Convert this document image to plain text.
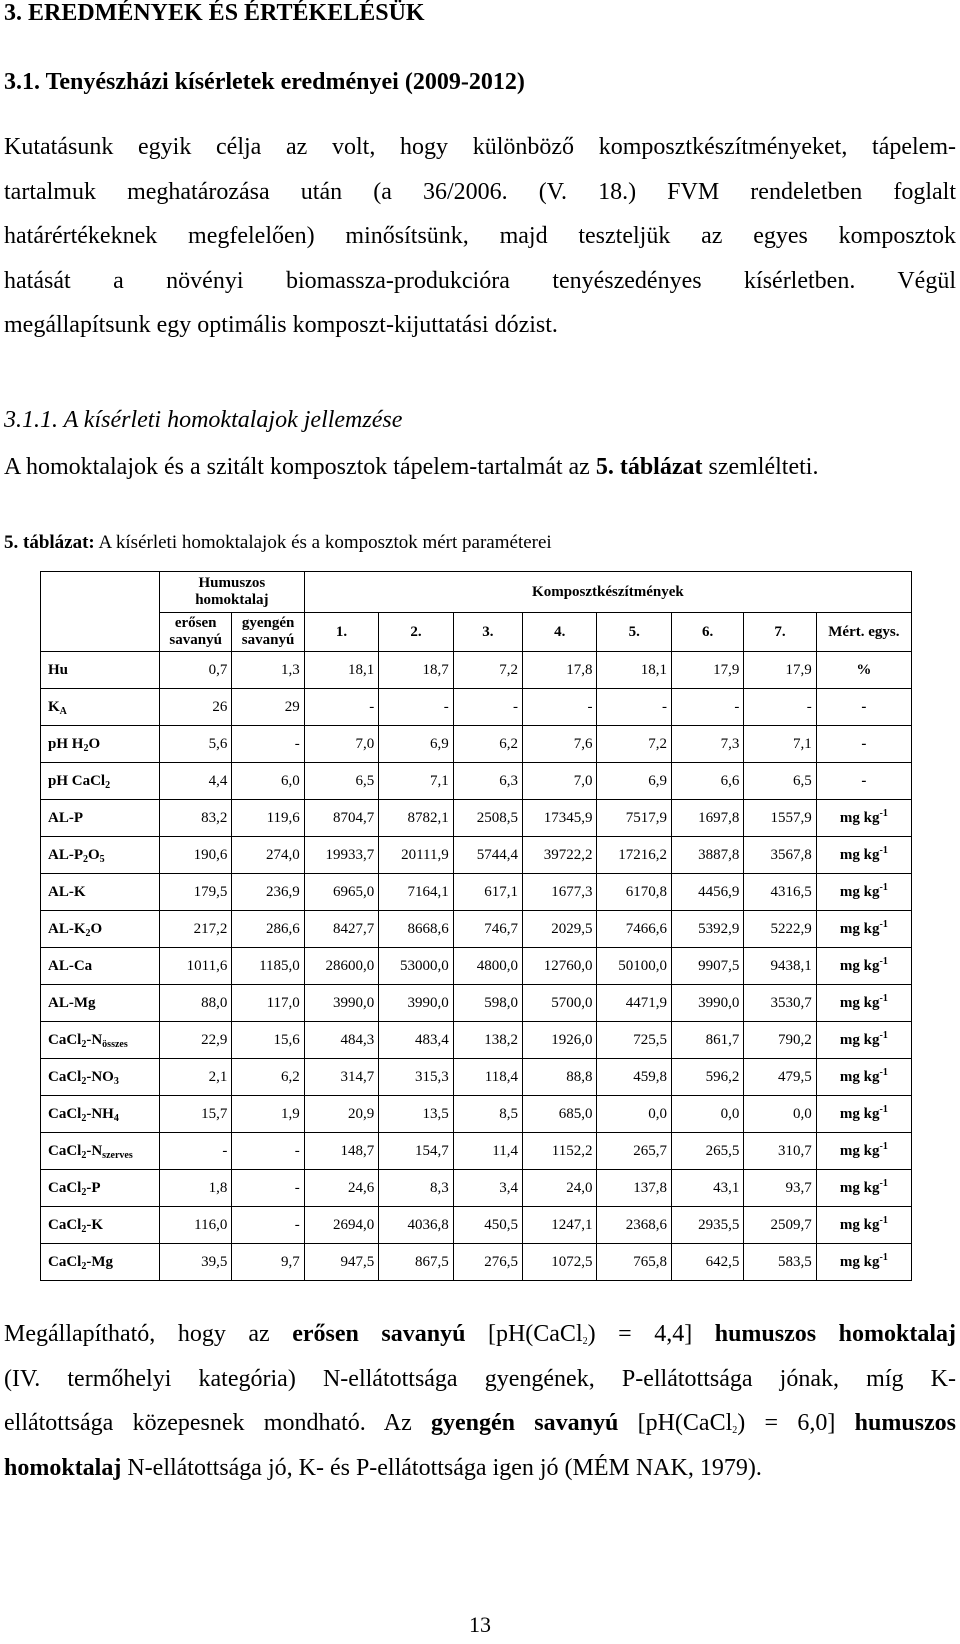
3. EREDMÉNYEK ÉS ÉRTÉKELÉSÜK
3.1. Tenyészházi kísérletek eredményei (2009-2012)
Kutatásunk egyik célja az volt, hogy különböző komposztkészítményeket, tápelem-
tartalmuk meghatározása után (a 36/2006. (V. 18.) FVM rendeletben foglalt
határértékeknek megfelelően) minősítsünk, majd teszteljük az egyes komposztok
hatását a növényi biomassza-produkcióra tenyészedényes kísérletben. Végül
megállapítsunk egy optimális komposzt-kijuttatási dózist.
3.1.1. A kísérleti homoktalajok jellemzése
A homoktalajok és a szitált komposztok tápelem-tartalmát az 5. táblázat szemlélteti.
5. táblázat: A kísérleti homoktalajok és a komposztok mért paraméterei
	Humuszos homoktalaj		Komposztkészítmények							
	erősen savanyú	gyengén savanyú	1.	2.	3.	4.	5.	6.	7.	Mért. egys.
Hu	0,7	1,3	18,1	18,7	7,2	17,8	18,1	17,9	17,9	%
$K_A$	26	29	-	-	-	-	-	-	-	-
pH $H_2O$	5,6	-	7,0	6,9	6,2	7,6	7,2	7,3	7,1	-
pH CaCl$_2$	4,4	6,0	6,5	7,1	6,3	7,0	6,9	6,6	6,5	-
AL-P	83,2	119,6	8704,7	8782,1	2508,5	17345,9	7517,9	1697,8	1557,9	mg $kg^{-1}$
$AL-P_2O_5$	190,6	274,0	19933,7	20111,9	5744,4	39722,2	17216,2	3887,8	3567,8	mg $kg^{-1}$
AL-K	179,5	236,9	6965,0	7164,1	617,1	1677,3	6170,8	4456,9	4316,5	mg $kg^{-1}$
$AL-K_2O$	217,2	286,6	8427,7	8668,6	746,7	2029,5	7466,6	5392,9	5222,9	mg $kg^{-1}$
AL-Ca	1011,6	1185,0	28600,0	53000,0	4800,0	12760,0	50100,0	9907,5	9438,1	mg $kg^{-1}$
AL-Mg	88,0	117,0	3990,0	3990,0	598,0	5700,0	4471,9	3990,0	3530,7	mg $kg^{-1}$
$CaCl_2-N_{összes}$	22,9	15,6	484,3	483,4	138,2	1926,0	725,5	861,7	790,2	mg $kg^{-1}$
$CaCl_2-NO_3$	2,1	6,2	314,7	315,3	118,4	88,8	459,8	596,2	479,5	mg $kg^{-1}$
$CaCl_2-NH_4$	15,7	1,9	20,9	13,5	8,5	685,0	0,0	0,0	0,0	mg $kg^{-1}$
$CaCl_2-N_{szerves}$	-	-	148,7	154,7	11,4	1152,2	265,7	265,5	310,7	mg $kg^{-1}$
CaCl$_2$-P	1,8	-	24,6	8,3	3,4	24,0	137,8	43,1	93,7	mg $kg^{-1}$
CaCl$_2$-K	116,0	-	2694,0	4036,8	450,5	1247,1	2368,6	2935,5	2509,7	mg $kg^{-1}$
CaCl$_2$-Mg	39,5	9,7	947,5	867,5	276,5	1072,5	765,8	642,5	583,5	mg $kg^{-1}$
Megállapítható, hogy az erősen savanyú [pH(CaCl$_2$) = 4,4] humuszos homoktalaj
(IV. termőhelyi kategória) N-ellátottsága gyengének, P-ellátottsága jónak, míg K-
ellátottsága közepesnek mondható. Az gyengén savanyú [pH(CaCl$_2$) = 6,0] humuszos
homoktalaj N-ellátottsága jó, K- és P-ellátottsága igen jó (MÉM NAK, 1979).
13
